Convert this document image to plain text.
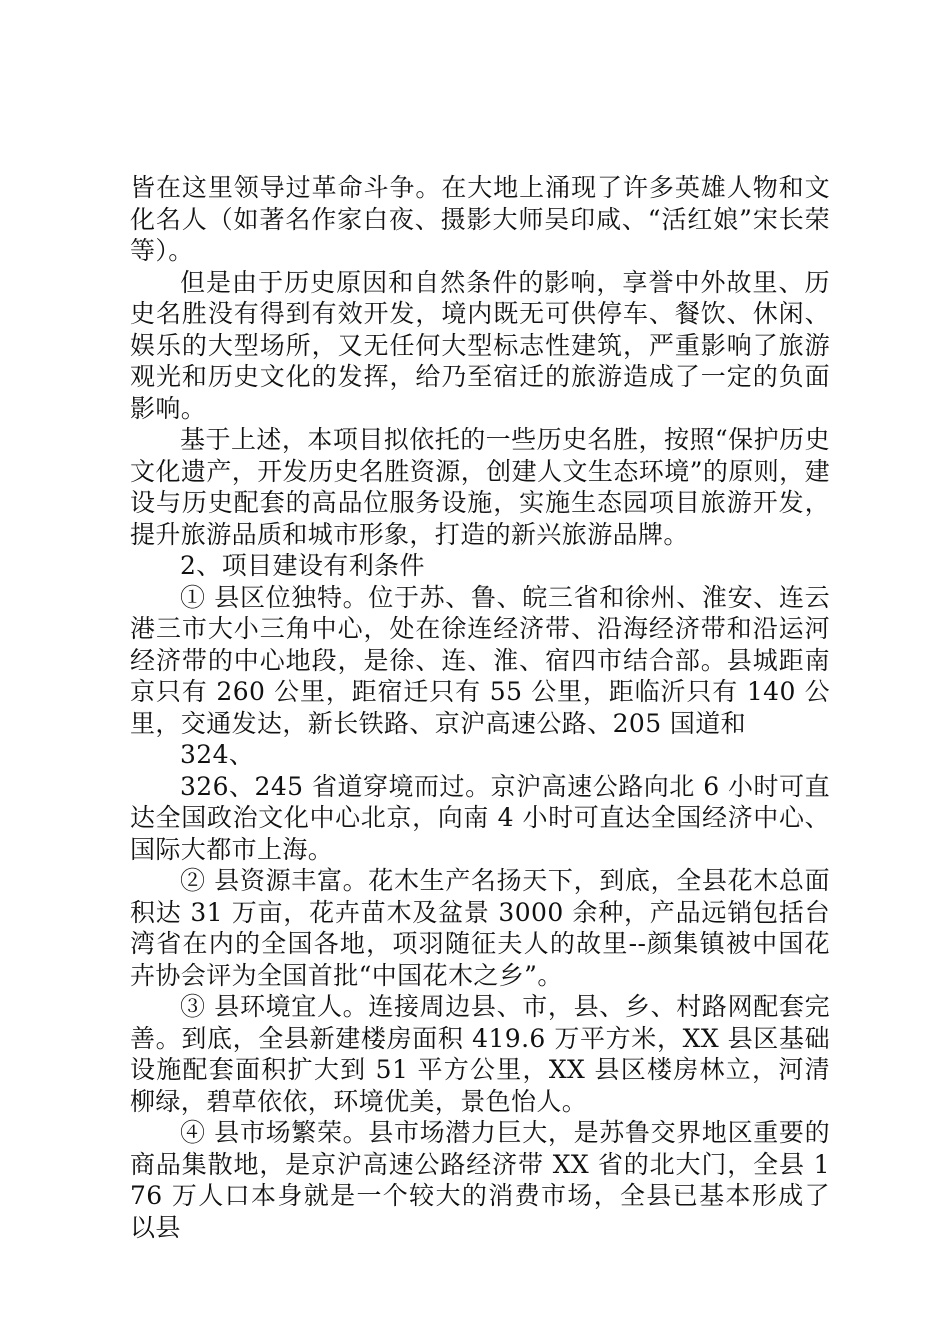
皆在这里领导过革命斗争。在大地上涌现了许多英雄人物和文化名人（如著名作家白夜、摄影大师吴印咸、“活红娘”宋长荣等）。

但是由于历史原因和自然条件的影响，享誉中外故里、历史名胜没有得到有效开发，境内既无可供停车、餐饮、休闲、娱乐的大型场所，又无任何大型标志性建筑，严重影响了旅游观光和历史文化的发挥，给乃至宿迁的旅游造成了一定的负面影响。

基于上述，本项目拟依托的一些历史名胜，按照“保护历史文化遗产，开发历史名胜资源，创建人文生态环境”的原则，建设与历史配套的高品位服务设施，实施生态园项目旅游开发，提升旅游品质和城市形象，打造的新兴旅游品牌。

2、项目建设有利条件

① 县区位独特。位于苏、鲁、皖三省和徐州、淮安、连云港三市大小三角中心，处在徐连经济带、沿海经济带和沿运河经济带的中心地段，是徐、连、淮、宿四市结合部。县城距南京只有 260 公里，距宿迁只有 55 公里，距临沂只有 140 公里，交通发达，新长铁路、京沪高速公路、205 国道和

324、

326、245 省道穿境而过。京沪高速公路向北 6 小时可直达全国政治文化中心北京，向南 4 小时可直达全国经济中心、国际大都市上海。

② 县资源丰富。花木生产名扬天下，到底，全县花木总面积达 31 万亩，花卉苗木及盆景 3000 余种，产品远销包括台湾省在内的全国各地，项羽随征夫人的故里--颜集镇被中国花卉协会评为全国首批“中国花木之乡”。

③ 县环境宜人。连接周边县、市，县、乡、村路网配套完善。到底，全县新建楼房面积 419.6 万平方米，XX 县区基础设施配套面积扩大到 51 平方公里，XX 县区楼房林立，河清柳绿，碧草依依，环境优美，景色怡人。

④ 县市场繁荣。县市场潜力巨大，是苏鲁交界地区重要的商品集散地，是京沪高速公路经济带 XX 省的北大门，全县 176 万人口本身就是一个较大的消费市场，全县已基本形成了以县
